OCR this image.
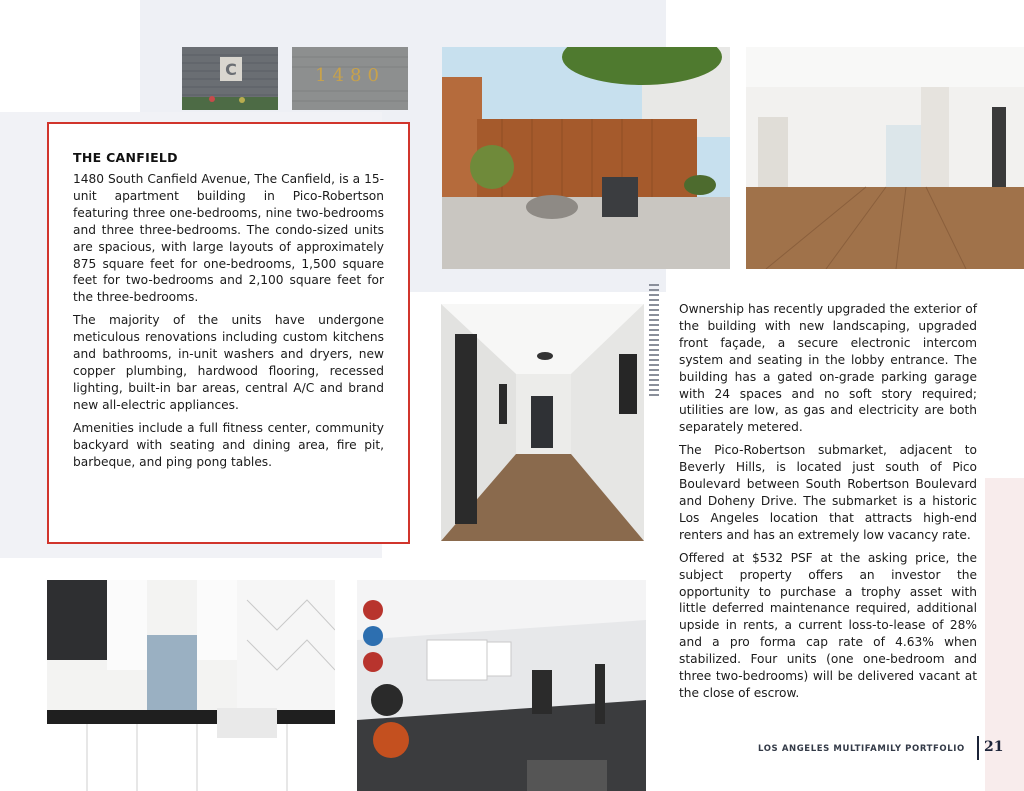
C	1480
THE CANFIELD

1480 South Canfield Avenue, The Canfield, is a 15-unit apartment building in Pico-Robertson featuring three one-bedrooms, nine two-bedrooms and three three-bedrooms. The condo-sized units are spacious, with large layouts of approximately 875 square feet for one-bedrooms, 1,500 square feet for two-bedrooms and 2,100 square feet for the three-bedrooms.

The majority of the units have undergone meticulous renovations including custom kitchens and bathrooms, in-unit washers and dryers, new copper plumbing, hardwood flooring, recessed lighting, built-in bar areas, central A/C and brand new all-electric appliances.

Amenities include a full fitness center, community backyard with seating and dining area, fire pit, barbeque, and ping pong tables.

Ownership has recently upgraded the exterior of the building with new landscaping, upgraded front façade, a secure electronic intercom system and seating in the lobby entrance. The building has a gated on-grade parking garage with 24 spaces and no soft story required; utilities are low, as gas and electricity are both separately metered.

The Pico-Robertson submarket, adjacent to Beverly Hills, is located just south of Pico Boulevard between South Robertson Boulevard and Doheny Drive. The submarket is a historic Los Angeles location that attracts high-end renters and has an extremely low vacancy rate.

Offered at $532 PSF at the asking price, the subject property offers an investor the opportunity to purchase a trophy asset with little deferred maintenance required, additional upside in rents, a current loss-to-lease of 28% and a pro forma cap rate of 4.63% when stabilized. Four units (one one-bedroom and three two-bedrooms) will be delivered vacant at the close of escrow.

LOS ANGELES MULTIFAMILY PORTFOLIO 21
